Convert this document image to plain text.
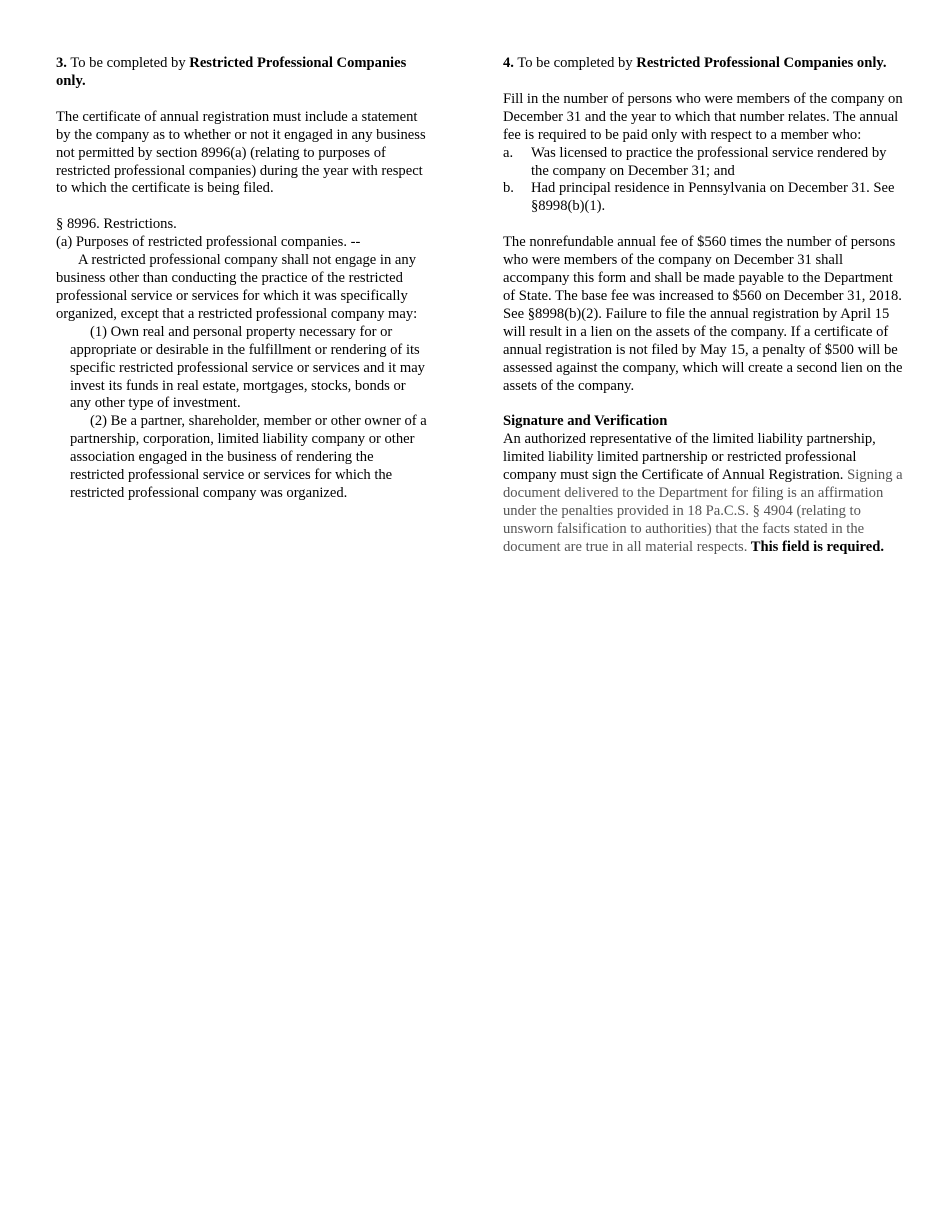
3. To be completed by Restricted Professional Companies only.

The certificate of annual registration must include a statement by the company as to whether or not it engaged in any business not permitted by section 8996(a) (relating to purposes of restricted professional companies) during the year with respect to which the certificate is being filed.

§ 8996. Restrictions.

(a) Purposes of restricted professional companies. --

A restricted professional company shall not engage in any business other than conducting the practice of the restricted professional service or services for which it was specifically organized, except that a restricted professional company may:

(1) Own real and personal property necessary for or appropriate or desirable in the fulfillment or rendering of its specific restricted professional service or services and it may invest its funds in real estate, mortgages, stocks, bonds or any other type of investment.

(2) Be a partner, shareholder, member or other owner of a partnership, corporation, limited liability company or other association engaged in the business of rendering the restricted professional service or services for which the restricted professional company was organized.

4. To be completed by Restricted Professional Companies only.

Fill in the number of persons who were members of the company on December 31 and the year to which that number relates. The annual fee is required to be paid only with respect to a member who:

a. Was licensed to practice the professional service rendered by the company on December 31; and
b. Had principal residence in Pennsylvania on December 31. See §8998(b)(1).

The nonrefundable annual fee of $560 times the number of persons who were members of the company on December 31 shall accompany this form and shall be made payable to the Department of State. The base fee was increased to $560 on December 31, 2018. See §8998(b)(2). Failure to file the annual registration by April 15 will result in a lien on the assets of the company. If a certificate of annual registration is not filed by May 15, a penalty of $500 will be assessed against the company, which will create a second lien on the assets of the company.

Signature and Verification

An authorized representative of the limited liability partnership, limited liability limited partnership or restricted professional company must sign the Certificate of Annual Registration. Signing a document delivered to the Department for filing is an affirmation under the penalties provided in 18 Pa.C.S. § 4904 (relating to unsworn falsification to authorities) that the facts stated in the document are true in all material respects. This field is required.
